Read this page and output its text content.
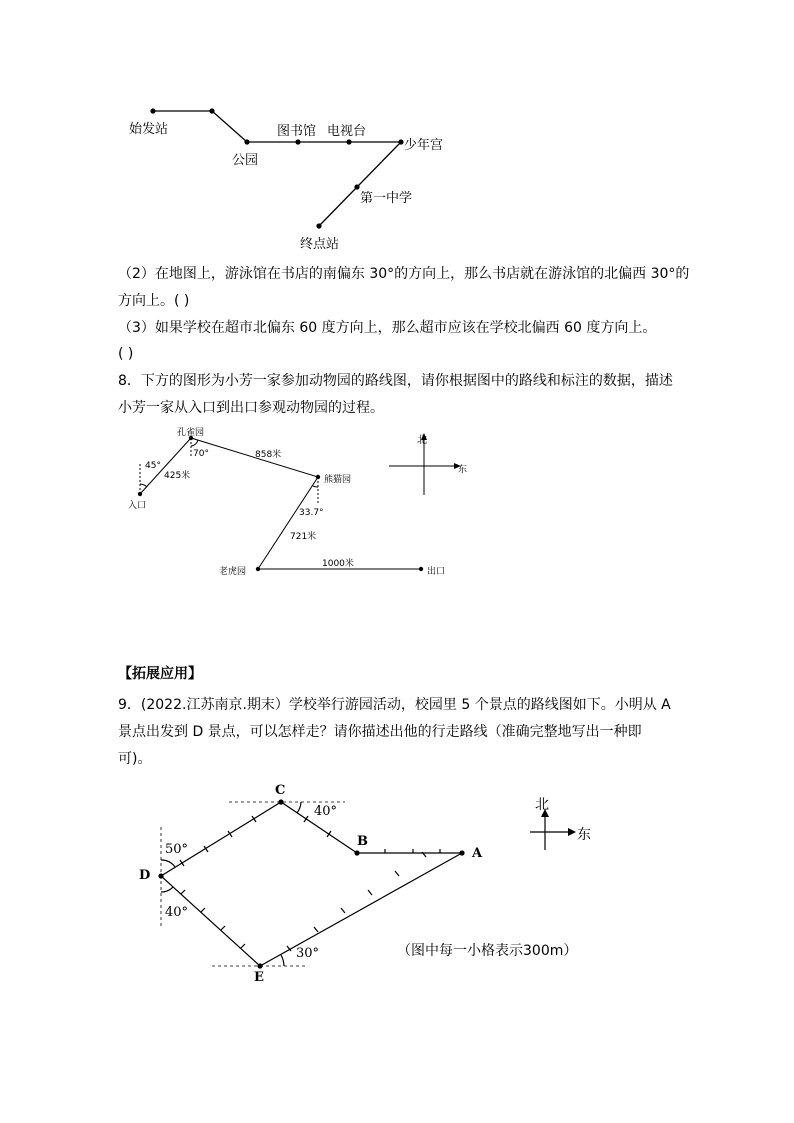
始发站
公园
图书馆 电视台
少年宫
第一中学
终点站
（2）在地图上，游泳馆在书店的南偏东 30°的方向上，那么书店就在游泳馆的北偏西 30°的
方向上。( )
（3）如果学校在超市北偏东 60 度方向上，那么超市应该在学校北偏西 60 度方向上。
( )
8．下方的图形为小芳一家参加动物园的路线图，请你根据图中的路线和标注的数据，描述
小芳一家从入口到出口参观动物园的过程。
入口
孔雀园
熊猫园
老虎园	出口
45°
70°
33.7°
425米
858米
721米
1000米
北
东
【拓展应用】
9．(2022.江苏南京.期末）学校举行游园活动，校园里 5 个景点的路线图如下。小明从 A
景点出发到 D 景点，可以怎样走？请你描述出他的行走路线（准确完整地写出一种即
可)。
A
B
C
D
E
40°
50°
40°
30°
北
东
（图中每一小格表示300m）
